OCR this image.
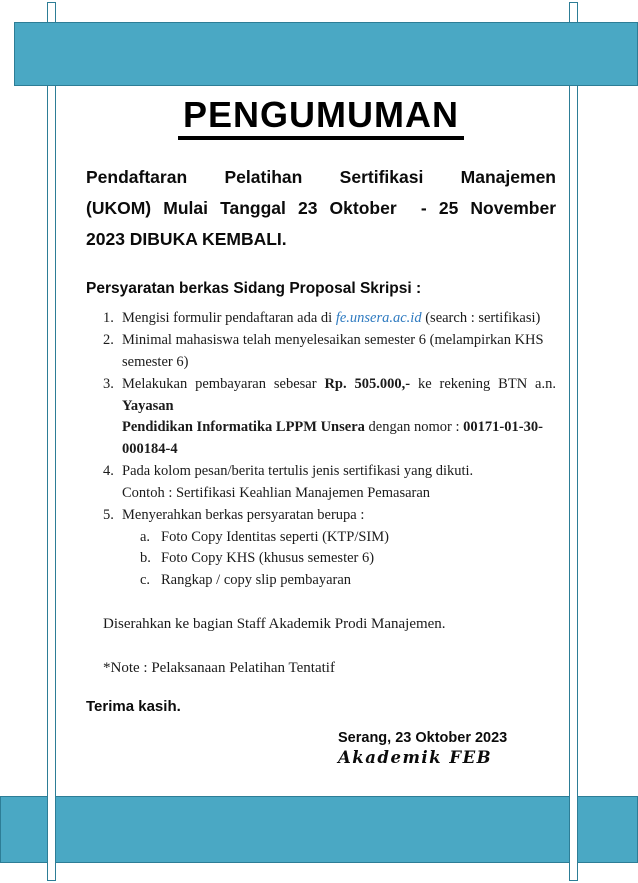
PENGUMUMAN
Pendaftaran Pelatihan Sertifikasi Manajemen
(UKOM) Mulai Tanggal 23 Oktober  - 25 November
2023 DIBUKA KEMBALI.
Persyaratan berkas Sidang Proposal Skripsi :
1. Mengisi formulir pendaftaran ada di fe.unsera.ac.id (search : sertifikasi)
2. Minimal mahasiswa telah menyelesaikan semester 6 (melampirkan KHS semester 6)
3. Melakukan pembayaran sebesar Rp. 505.000,- ke rekening BTN a.n. Yayasan
Pendidikan Informatika LPPM Unsera dengan nomor : 00171-01-30-000184-4
4. Pada kolom pesan/berita tertulis jenis sertifikasi yang dikuti.
Contoh : Sertifikasi Keahlian Manajemen Pemasaran
5. Menyerahkan berkas persyaratan berupa :
a. Foto Copy Identitas seperti (KTP/SIM)
b. Foto Copy KHS (khusus semester 6)
c. Rangkap / copy slip pembayaran
Diserahkan ke bagian Staff Akademik Prodi Manajemen.
*Note : Pelaksanaan Pelatihan Tentatif
Terima kasih.
Serang, 23 Oktober 2023
Akademik FEB
